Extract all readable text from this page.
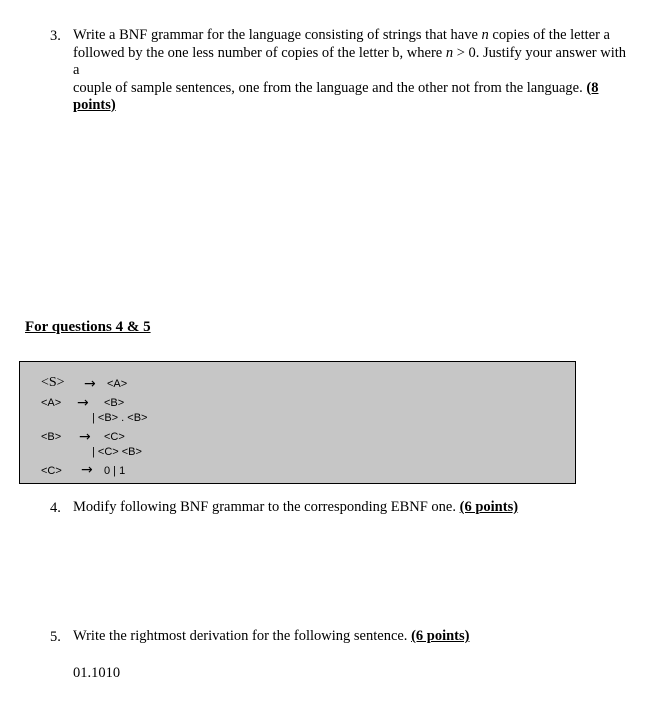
3. Write a BNF grammar for the language consisting of strings that have n copies of the letter a
followed by the one less number of copies of the letter b, where n > 0. Justify your answer with a
couple of sample sentences, one from the language and the other not from the language. (8
points)
For questions 4 & 5
<S> → <A>
<A> → <B>
| <B> . <B>
<B> → <C>
| <C> <B>
<C> → 0 | 1
4. Modify following BNF grammar to the corresponding EBNF one. (6 points)
5. Write the rightmost derivation for the following sentence. (6 points)
01.1010
